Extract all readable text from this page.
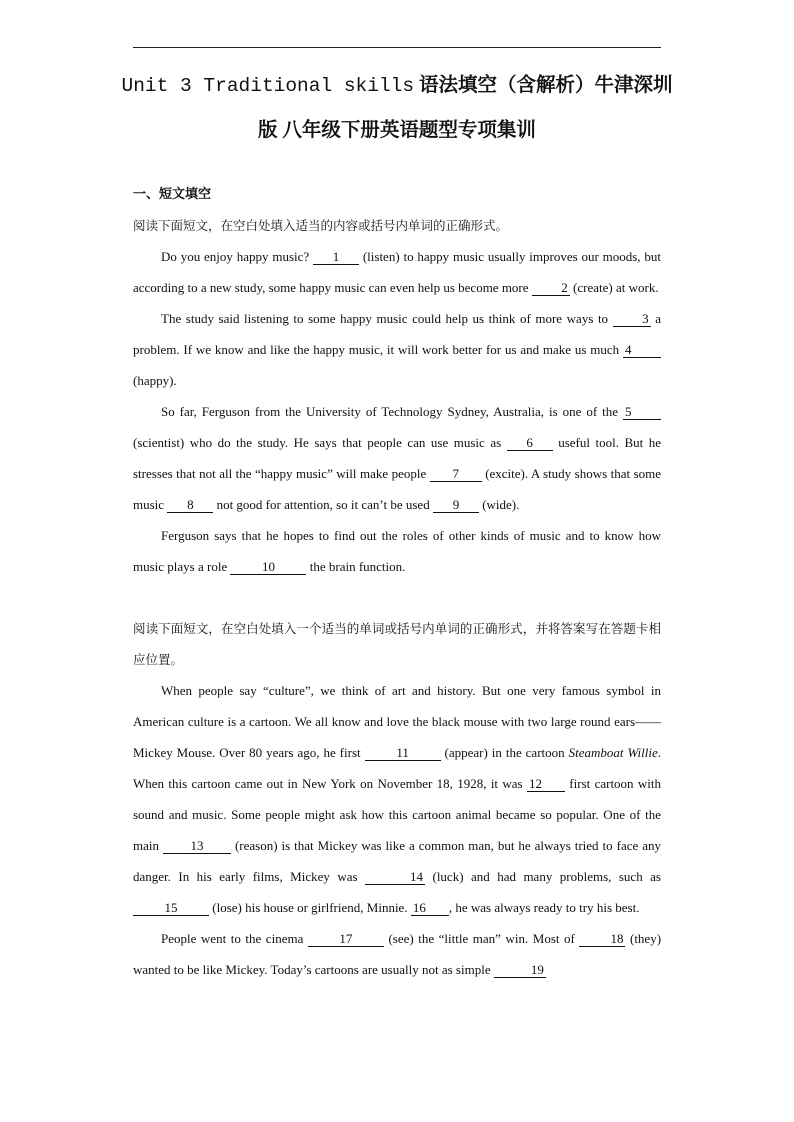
Unit 3 Traditional skills 语法填空（含解析）牛津深圳
版 八年级下册英语题型专项集训

一、短文填空

阅读下面短文，在空白处填入适当的内容或括号内单词的正确形式。

Do you enjoy happy music? 1 (listen) to happy music usually improves our moods, but according to a new study, some happy music can even help us become more	2 (create) at work.

The study said listening to some happy music could help us think of more ways to	3 a problem. If we know and like the happy music, it will work better for us and make us much 4 (happy).

So far, Ferguson from the University of Technology Sydney, Australia, is one of the 5 (scientist) who do the study. He says that people can use music as 6 useful tool. But he stresses that not all the “happy music” will make people 7 (excite). A study shows that some music 8 not good for attention, so it can’t be used 9 (wide).

Ferguson says that he hopes to find out the roles of other kinds of music and to know how music plays a role	10	the brain function.

阅读下面短文，在空白处填入一个适当的单词或括号内单词的正确形式，并将答案写在答题卡相应位置。

When people say “culture”, we think of art and history. But one very famous symbol in American culture is a cartoon. We all know and love the black mouse with two large round ears——Mickey Mouse. Over 80 years ago, he first	11	(appear) in the cartoon Steamboat Willie. When this cartoon came out in New York on November 18, 1928, it was 12 first cartoon with sound and music. Some people might ask how this cartoon animal became so popular. One of the main 13 (reason) is that Mickey was like a common man, but he always tried to face any danger. In his early films, Mickey was	14 (luck) and had many problems, such as 15	(lose) his house or girlfriend, Minnie. 16 , he was always ready to try his best.

People went to the cinema	17	(see) the “little man” win. Most of	18 (they) wanted to be like Mickey. Today’s cartoons are usually not as simple	19
